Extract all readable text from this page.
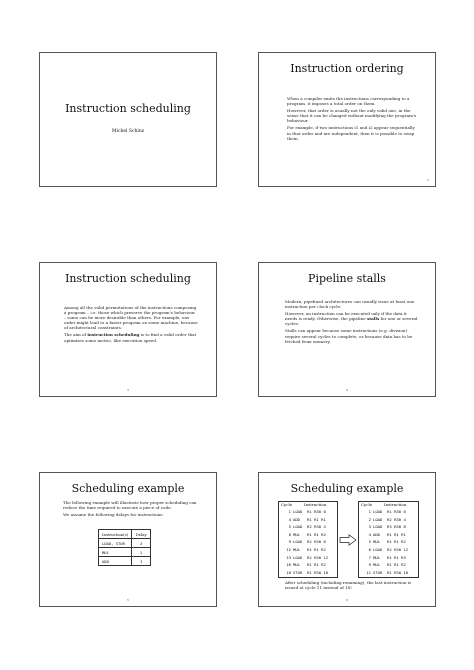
Instruction scheduling
Michel Schinz
Instruction ordering

When a compiler emits the instructions corresponding to a program, it imposes a total order on them.

However, that order is usually not the only valid one, in the sense that it can be changed without modifying the program's behaviour.

For example, if two instructions i1 and i2 appear sequentially in that order and are independent, then it is possible to swap them.

2
Instruction scheduling

Among all the valid permutations of the instructions composing a program – i.e. those which preserve the program's behaviour – some can be more desirable than others. For example, one order might lead to a faster program on some machine, because of architectural constraints.

The aim of instruction scheduling is to find a valid order that optimizes some metric, like execution speed.

3
Pipeline stalls

Modern, pipelined architectures can usually issue at least one instruction per clock cycle.

However, an instruction can be executed only if the data it needs is ready. Otherwise, the pipeline stalls for one or several cycles.

Stalls can appear because some instructions (e.g. division) require several cycles to complete, or because data has to be fetched from memory.

4
Scheduling example

The following example will illustrate how proper scheduling can reduce the time required to execute a piece of code.

We assume the following delays for instructions:

Instruction(s)	Delay
LOAD, STOR	3
MUL	2
ADD	1
5
Scheduling example
Cycle	Instruction
1 LOAD  R1 R30 0
4 ADD   R1 R1 R1
5 LOAD  R2 R30 4
8 MUL   R1 R1 R2
9 LOAD  R2 R30 8
12 MUL   R1 R1 R2
13 LOAD  R2 R30 12
16 MUL   R1 R1 R2
18 STOR  R1 R30 16
Cycle	Instruction
1 LOAD  R1 R30 0
2 LOAD  R2 R30 4
3 LOAD  R3 R30 8
4 ADD   R1 R1 R1
5 MUL   R1 R1 R2
6 LOAD  R2 R30 12
7 MUL   R1 R1 R3
9 MUL   R1 R1 R2
11 STOR  R1 R30 16
After scheduling (including renaming), the last instruction is issued at cycle 11 instead of 18!
6
